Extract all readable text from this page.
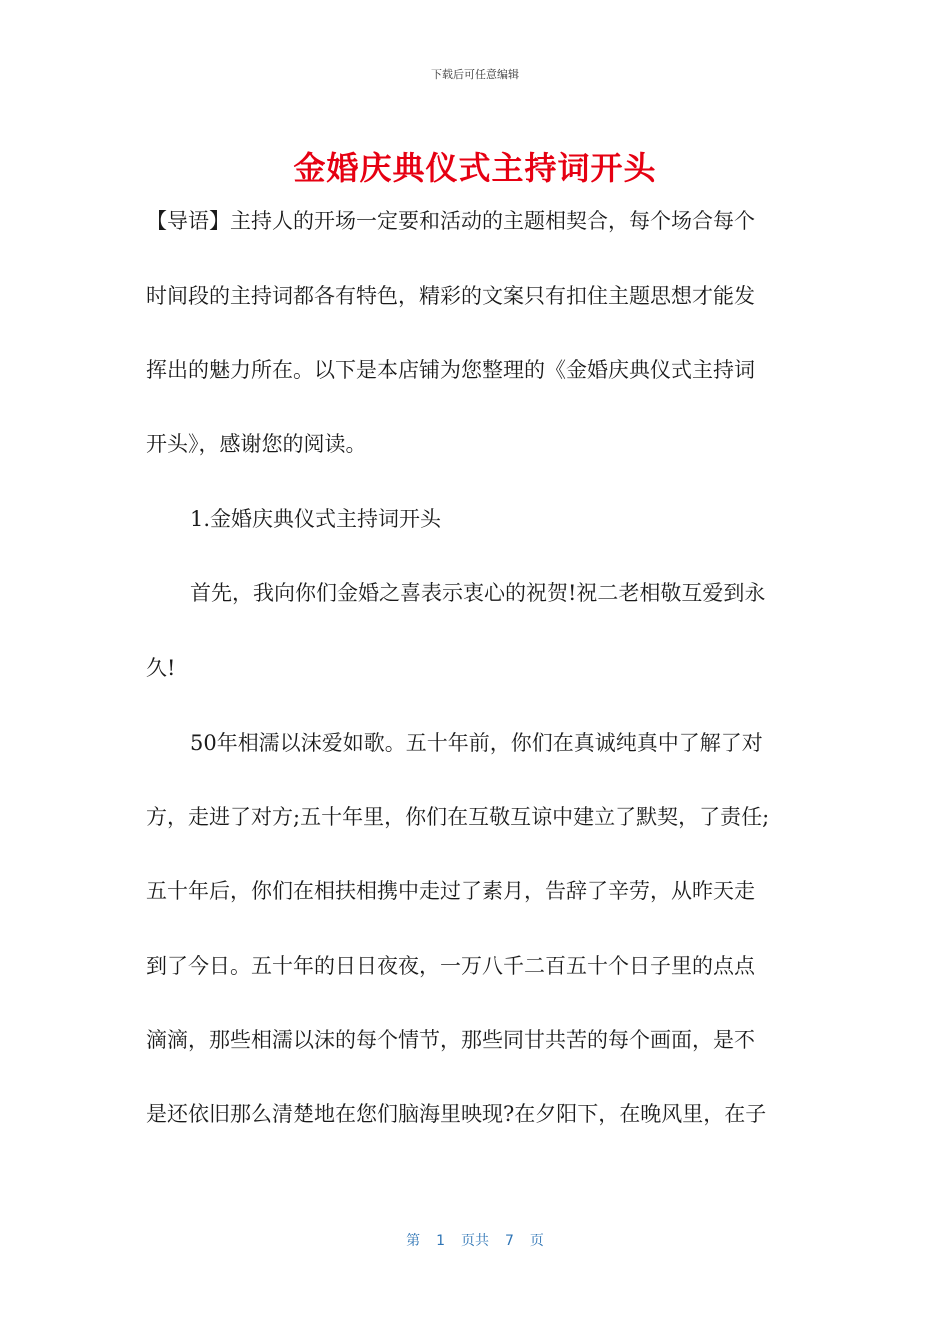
下载后可任意编辑
金婚庆典仪式主持词开头
【导语】主持人的开场一定要和活动的主题相契合，每个场合每个
时间段的主持词都各有特色，精彩的文案只有扣住主题思想才能发
挥出的魅力所在。以下是本店铺为您整理的《金婚庆典仪式主持词
开头》，感谢您的阅读。
1.金婚庆典仪式主持词开头
首先，我向你们金婚之喜表示衷心的祝贺!祝二老相敬互爱到永
久!
50年相濡以沫爱如歌。五十年前，你们在真诚纯真中了解了对
方，走进了对方;五十年里，你们在互敬互谅中建立了默契，了责任;
五十年后，你们在相扶相携中走过了素月，告辞了辛劳，从昨天走
到了今日。五十年的日日夜夜，一万八千二百五十个日子里的点点
滴滴，那些相濡以沫的每个情节，那些同甘共苦的每个画面，是不
是还依旧那么清楚地在您们脑海里映现?在夕阳下，在晚风里，在子
第 1 页共 7 页
